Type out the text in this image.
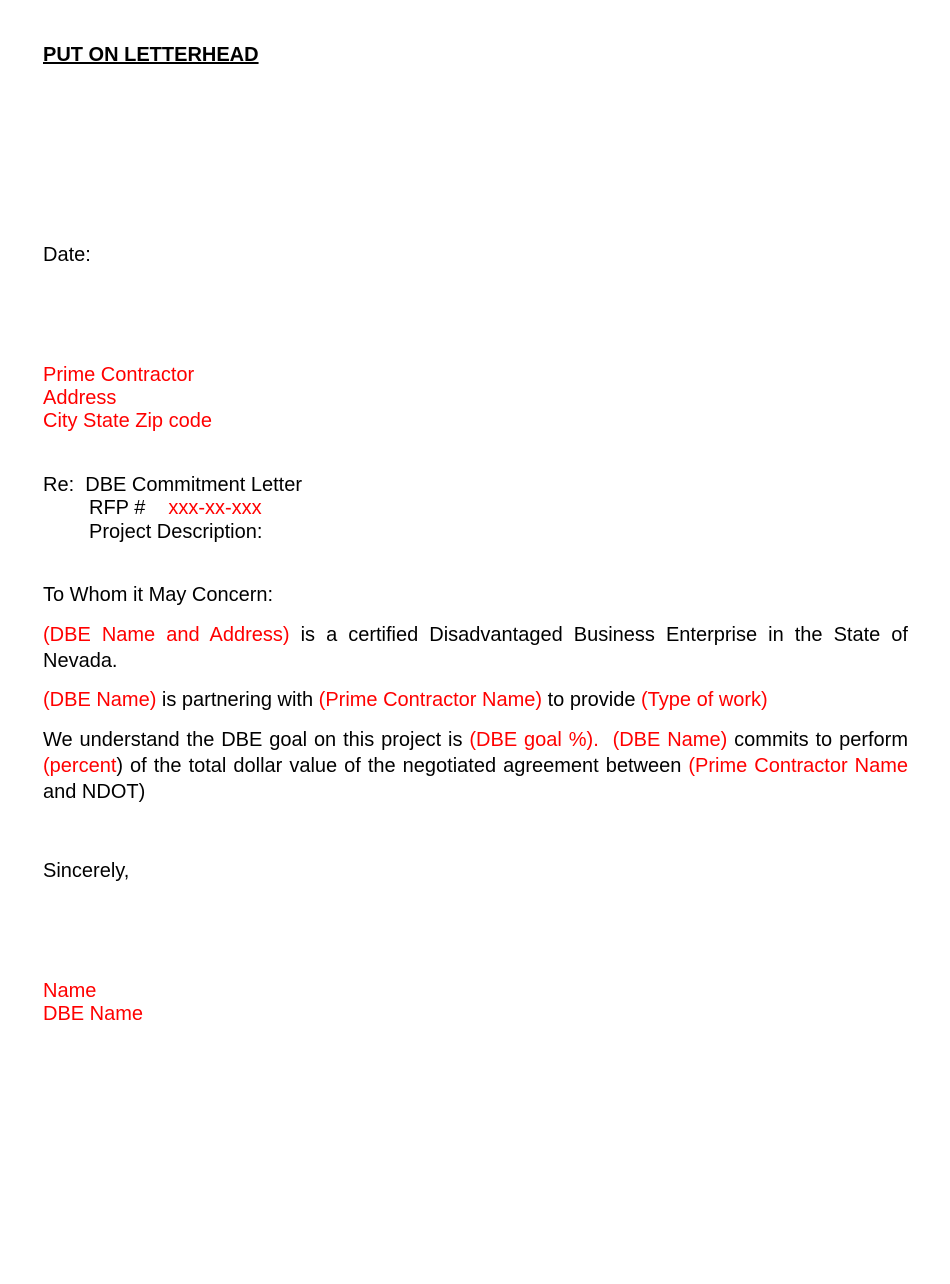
PUT ON LETTERHEAD
Date:
Prime Contractor
Address
City State Zip code
Re: DBE Commitment Letter
RFP # xxx-xx-xxx
Project Description:
To Whom it May Concern:
(DBE Name and Address) is a certified Disadvantaged Business Enterprise in the State of Nevada.
(DBE Name) is partnering with (Prime Contractor Name) to provide (Type of work)
We understand the DBE goal on this project is (DBE goal %). (DBE Name) commits to perform (percent) of the total dollar value of the negotiated agreement between (Prime Contractor Name and NDOT)
Sincerely,
Name
DBE Name
